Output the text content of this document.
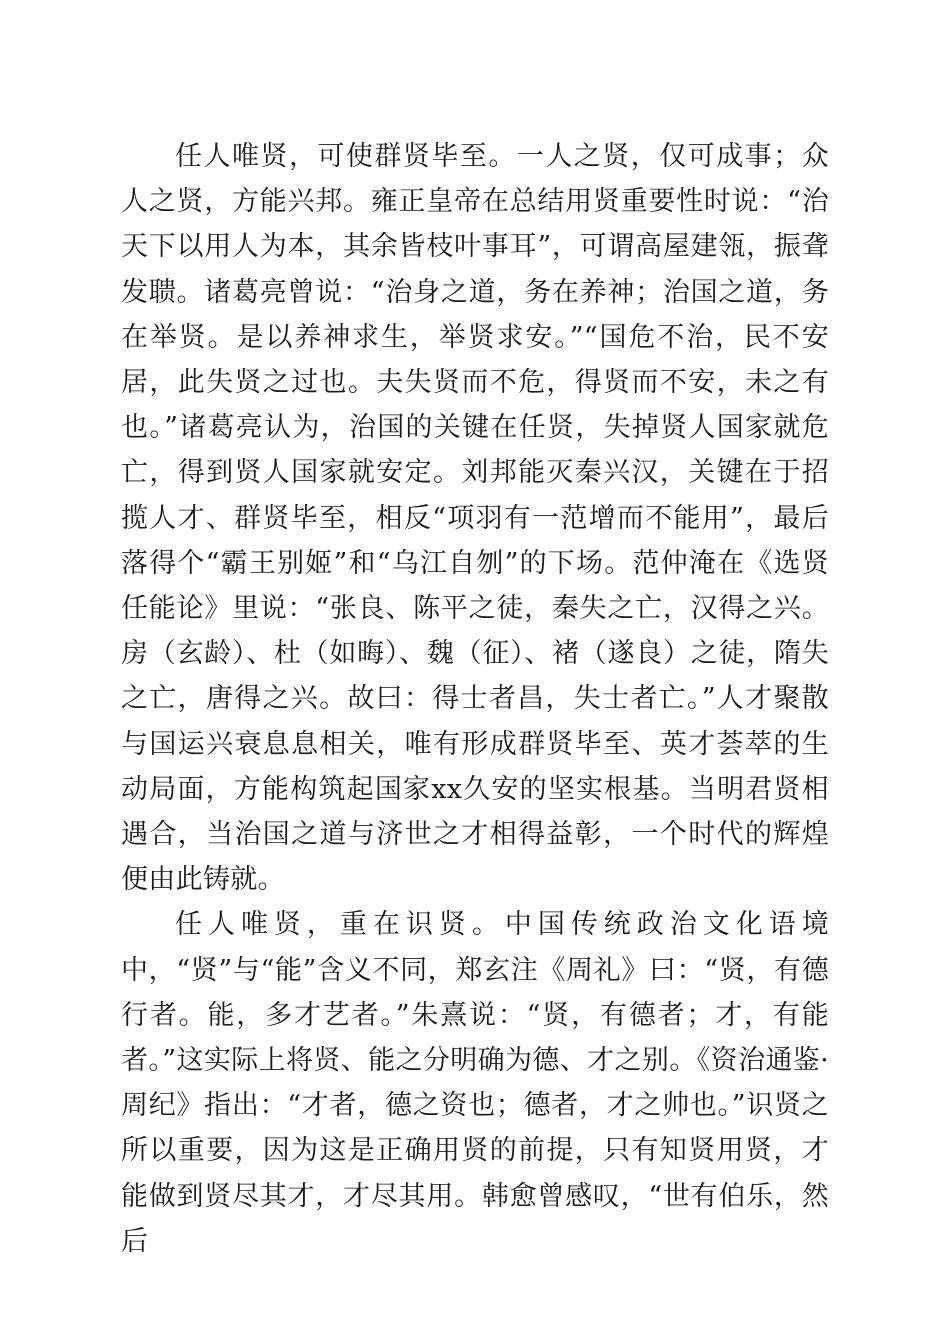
任人唯贤，可使群贤毕至。一人之贤，仅可成事；众人之贤，方能兴邦。雍正皇帝在总结用贤重要性时说：“治天下以用人为本，其余皆枝叶事耳”，可谓高屋建瓴，振聋发聩。诸葛亮曾说：“治身之道，务在养神；治国之道，务在举贤。是以养神求生，举贤求安。”“国危不治，民不安居，此失贤之过也。夫失贤而不危，得贤而不安，未之有也。”诸葛亮认为，治国的关键在任贤，失掉贤人国家就危亡，得到贤人国家就安定。刘邦能灭秦兴汉，关键在于招揽人才、群贤毕至，相反“项羽有一范增而不能用”，最后落得个“霸王别姬”和“乌江自刎”的下场。范仲淹在《选贤任能论》里说：“张良、陈平之徒，秦失之亡，汉得之兴。房（玄龄）、杜（如晦）、魏（征）、褚（遂良）之徒，隋失之亡，唐得之兴。故曰：得士者昌，失士者亡。”人才聚散与国运兴衰息息相关，唯有形成群贤毕至、英才荟萃的生动局面，方能构筑起国家xx久安的坚实根基。当明君贤相遇合，当治国之道与济世之才相得益彰，一个时代的辉煌便由此铸就。

任人唯贤，重在识贤。中国传统政治文化语境中，“贤”与“能”含义不同，郑玄注《周礼》曰：“贤，有德行者。能，多才艺者。”朱熹说：“贤，有德者；才，有能者。”这实际上将贤、能之分明确为德、才之别。《资治通鉴·周纪》指出：“才者，德之资也；德者，才之帅也。”识贤之所以重要，因为这是正确用贤的前提，只有知贤用贤，才能做到贤尽其才，才尽其用。韩愈曾感叹，“世有伯乐，然后
